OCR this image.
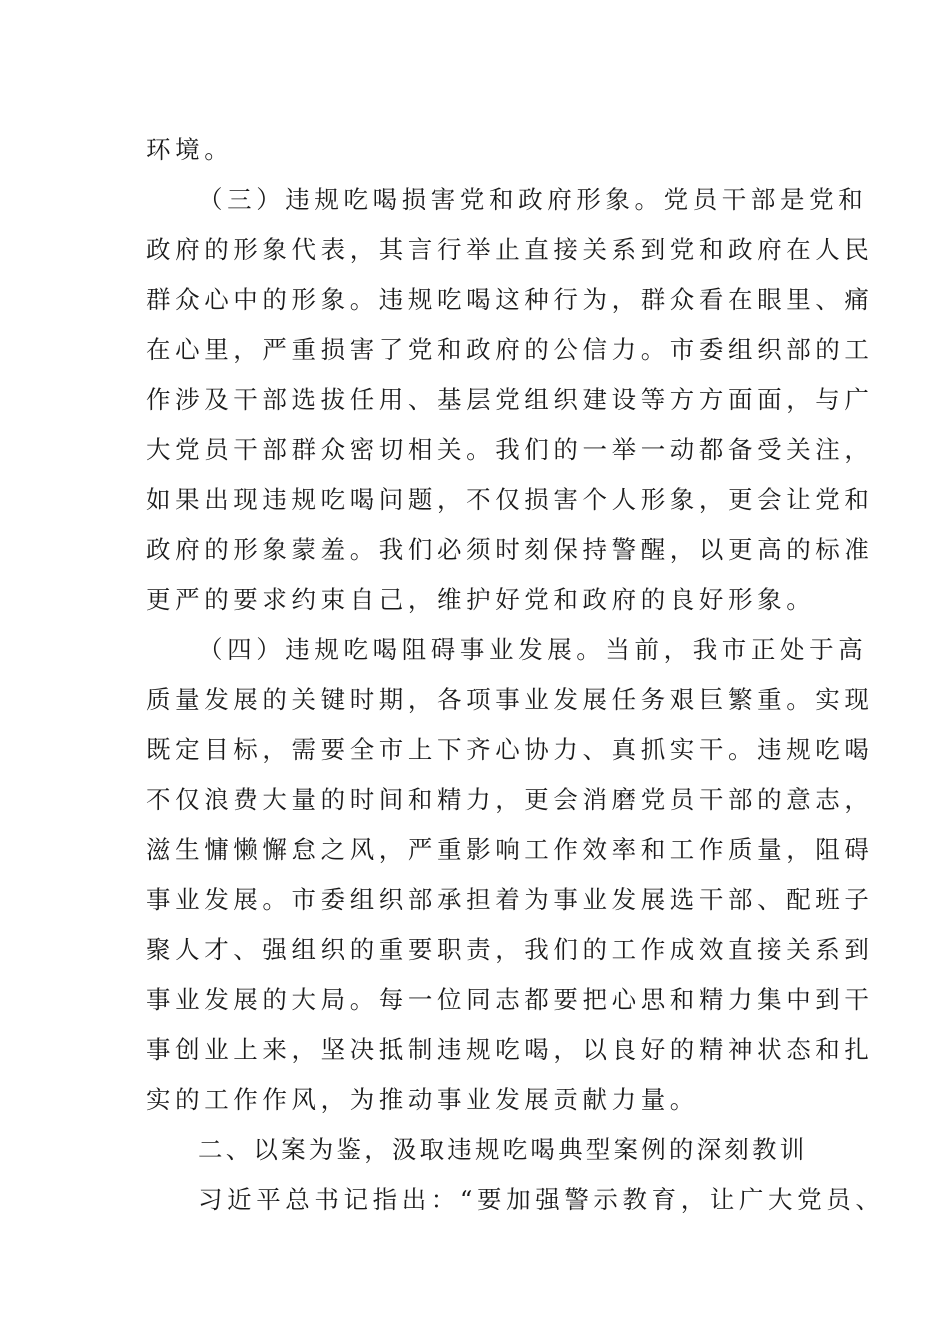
环境。
（三）违规吃喝损害党和政府形象。党员干部是党和
政府的形象代表，其言行举止直接关系到党和政府在人民
群众心中的形象。违规吃喝这种行为，群众看在眼里、痛
在心里，严重损害了党和政府的公信力。市委组织部的工
作涉及干部选拔任用、基层党组织建设等方方面面，与广
大党员干部群众密切相关。我们的一举一动都备受关注，
如果出现违规吃喝问题，不仅损害个人形象，更会让党和
政府的形象蒙羞。我们必须时刻保持警醒，以更高的标准
更严的要求约束自己，维护好党和政府的良好形象。
（四）违规吃喝阻碍事业发展。当前，我市正处于高
质量发展的关键时期，各项事业发展任务艰巨繁重。实现
既定目标，需要全市上下齐心协力、真抓实干。违规吃喝
不仅浪费大量的时间和精力，更会消磨党员干部的意志，
滋生慵懒懈怠之风，严重影响工作效率和工作质量，阻碍
事业发展。市委组织部承担着为事业发展选干部、配班子
聚人才、强组织的重要职责，我们的工作成效直接关系到
事业发展的大局。每一位同志都要把心思和精力集中到干
事创业上来，坚决抵制违规吃喝，以良好的精神状态和扎
实的工作作风，为推动事业发展贡献力量。
二、以案为鉴，汲取违规吃喝典型案例的深刻教训
习近平总书记指出：“要加强警示教育，让广大党员、
